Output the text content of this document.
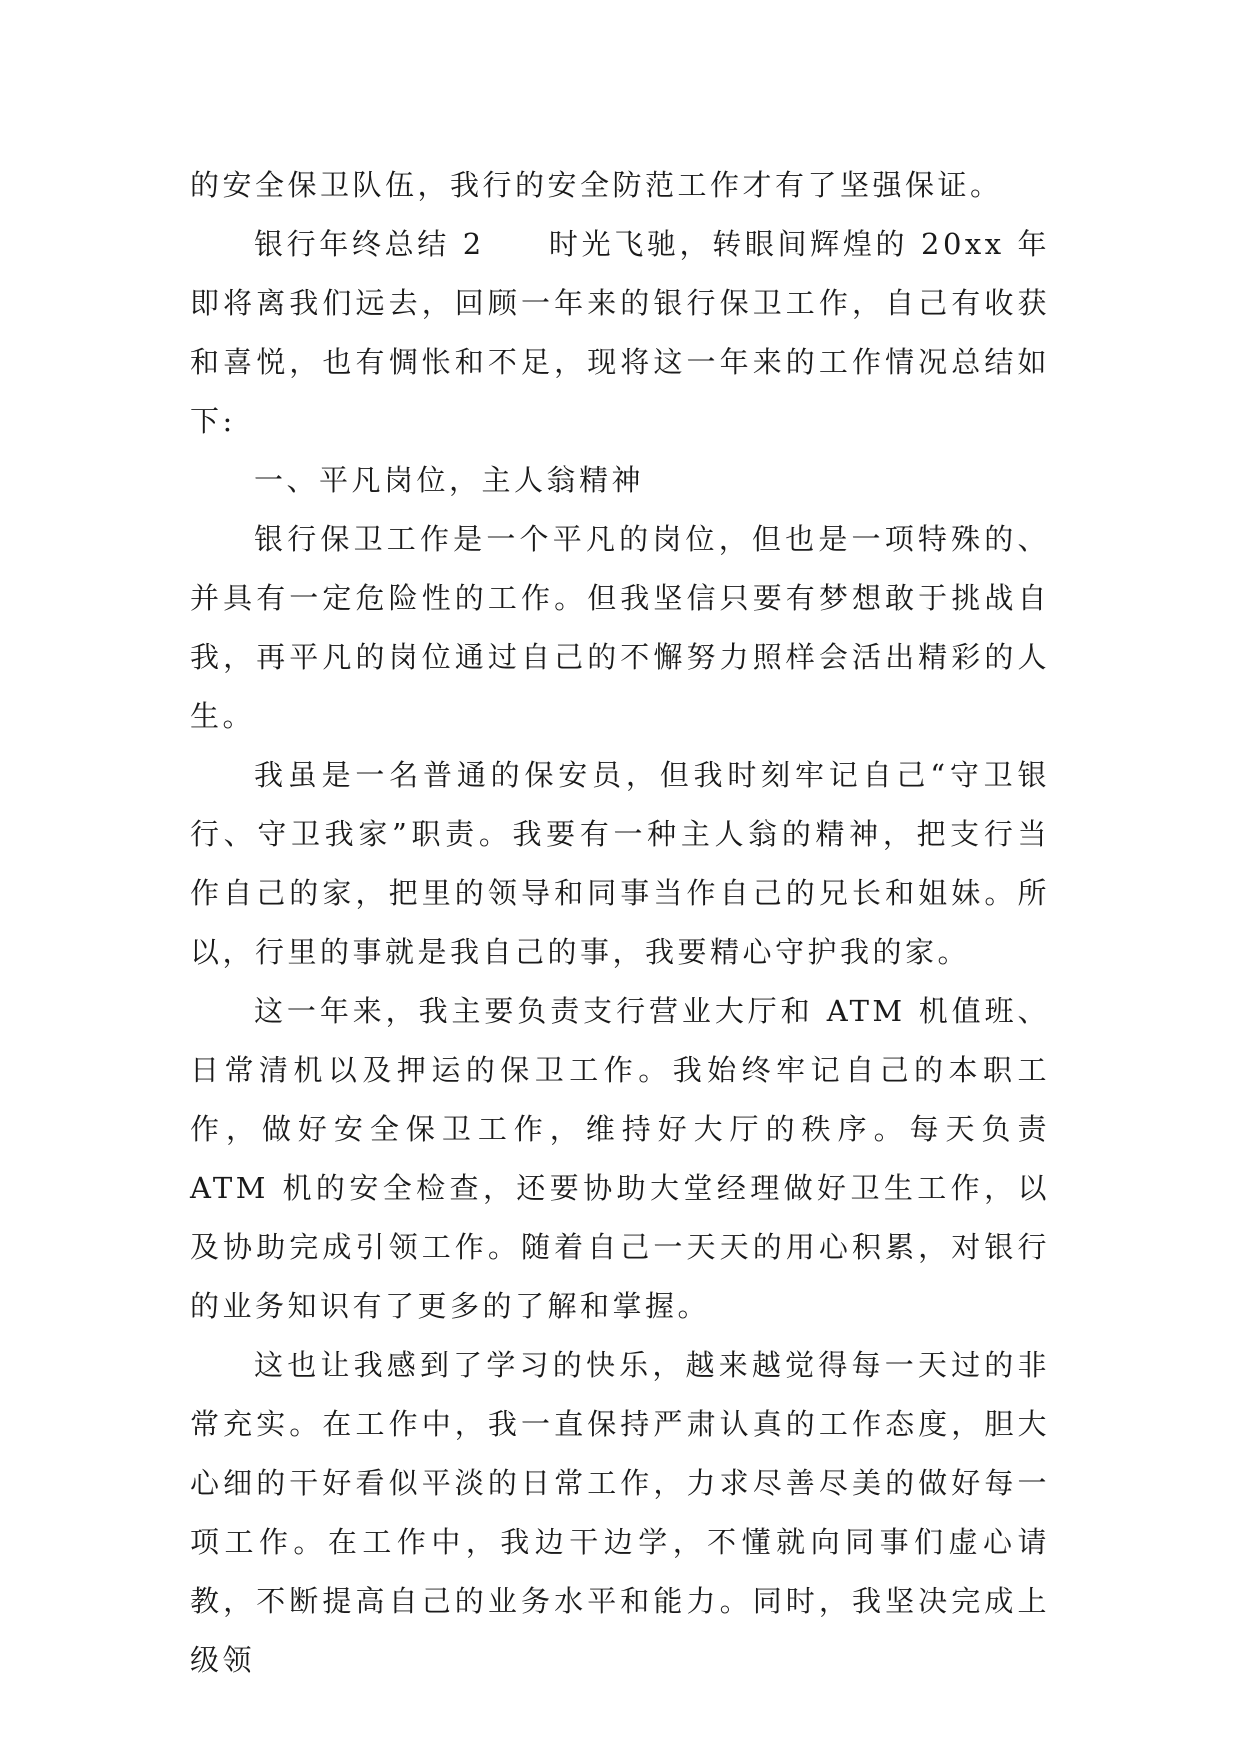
的安全保卫队伍，我行的安全防范工作才有了坚强保证。

银行年终总结 2 时光飞驰，转眼间辉煌的 20xx 年即将离我们远去，回顾一年来的银行保卫工作，自己有收获和喜悦，也有惆怅和不足，现将这一年来的工作情况总结如下:

一、平凡岗位，主人翁精神

银行保卫工作是一个平凡的岗位，但也是一项特殊的、并具有一定危险性的工作。但我坚信只要有梦想敢于挑战自我，再平凡的岗位通过自己的不懈努力照样会活出精彩的人生。

我虽是一名普通的保安员，但我时刻牢记自己“守卫银行、守卫我家”职责。我要有一种主人翁的精神，把支行当作自己的家，把里的领导和同事当作自己的兄长和姐妹。所以，行里的事就是我自己的事，我要精心守护我的家。

这一年来，我主要负责支行营业大厅和 ATM 机值班、日常清机以及押运的保卫工作。我始终牢记自己的本职工作，做好安全保卫工作，维持好大厅的秩序。每天负责 ATM 机的安全检查，还要协助大堂经理做好卫生工作，以及协助完成引领工作。随着自己一天天的用心积累，对银行的业务知识有了更多的了解和掌握。

这也让我感到了学习的快乐，越来越觉得每一天过的非常充实。在工作中，我一直保持严肃认真的工作态度，胆大心细的干好看似平淡的日常工作，力求尽善尽美的做好每一项工作。在工作中，我边干边学，不懂就向同事们虚心请教，不断提高自己的业务水平和能力。同时，我坚决完成上级领
